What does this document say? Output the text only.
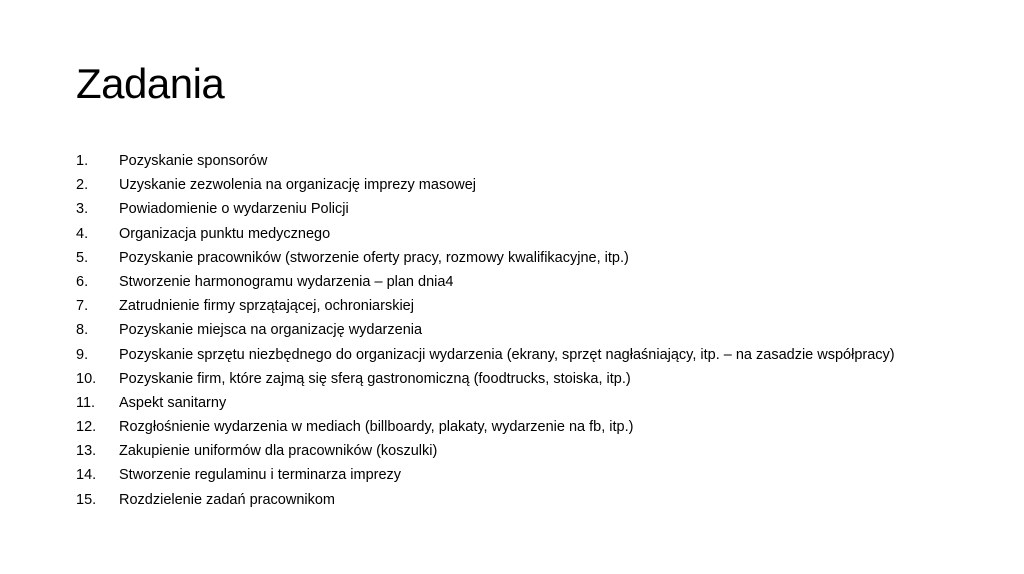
Zadania
1.	Pozyskanie sponsorów
2.	Uzyskanie zezwolenia na organizację imprezy masowej
3.	Powiadomienie o wydarzeniu Policji
4.	Organizacja punktu medycznego
5.	Pozyskanie pracowników (stworzenie oferty pracy, rozmowy kwalifikacyjne, itp.)
6.	Stworzenie harmonogramu wydarzenia – plan dnia4
7.	Zatrudnienie firmy sprzątającej, ochroniarskiej
8.	Pozyskanie miejsca na organizację wydarzenia
9.	Pozyskanie sprzętu niezbędnego do organizacji wydarzenia (ekrany, sprzęt nagłaśniający, itp. – na zasadzie współpracy)
10.	Pozyskanie firm, które zajmą się sferą gastronomiczną (foodtrucks, stoiska, itp.)
11.	Aspekt sanitarny
12.	Rozgłośnienie wydarzenia w mediach (billboardy, plakaty, wydarzenie na fb, itp.)
13.	Zakupienie uniformów dla pracowników (koszulki)
14.	Stworzenie regulaminu i terminarza imprezy
15.	Rozdzielenie zadań pracownikom
